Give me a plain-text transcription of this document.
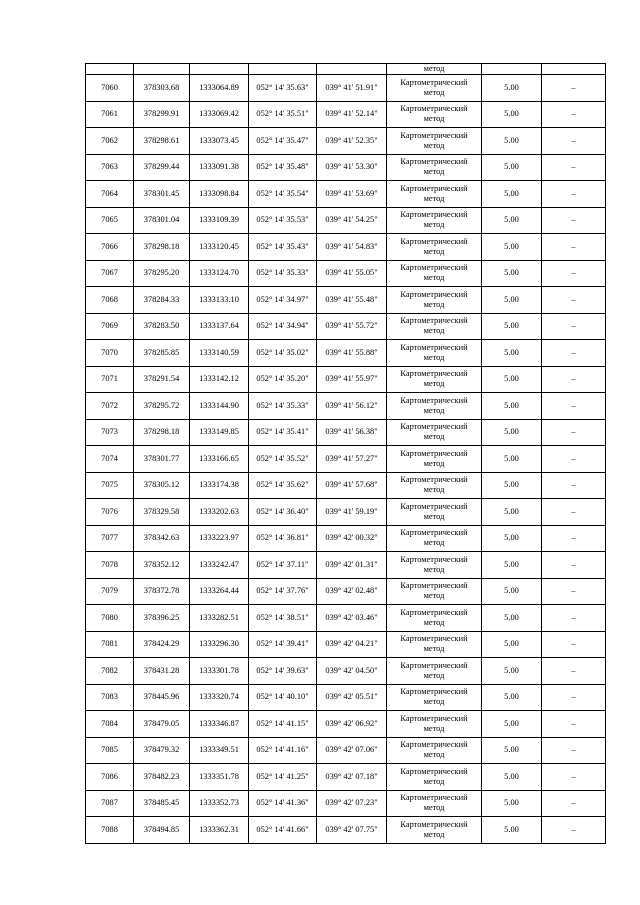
					метод		
7060	378303.68	1333064.89	052° 14' 35.63"	039° 41' 51.91"	Картометрический
метод	5.00	–
7061	378299.91	1333069.42	052° 14' 35.51"	039° 41' 52.14"	Картометрический
метод	5.00	–
7062	378298.61	1333073.45	052° 14' 35.47"	039° 41' 52.35"	Картометрический
метод	5.00	–
7063	378299.44	1333091.38	052° 14' 35.48"	039° 41' 53.30"	Картометрический
метод	5.00	–
7064	378301.45	1333098.84	052° 14' 35.54"	039° 41' 53.69"	Картометрический
метод	5.00	–
7065	378301.04	1333109.39	052° 14' 35.53"	039° 41' 54.25"	Картометрический
метод	5.00	–
7066	378298.18	1333120.45	052° 14' 35.43"	039° 41' 54.83"	Картометрический
метод	5.00	–
7067	378295.20	1333124.70	052° 14' 35.33"	039° 41' 55.05"	Картометрический
метод	5.00	–
7068	378284.33	1333133.10	052° 14' 34.97"	039° 41' 55.48"	Картометрический
метод	5.00	–
7069	378283.50	1333137.64	052° 14' 34.94"	039° 41' 55.72"	Картометрический
метод	5.00	–
7070	378285.85	1333140.59	052° 14' 35.02"	039° 41' 55.88"	Картометрический
метод	5.00	–
7071	378291.54	1333142.12	052° 14' 35.20"	039° 41' 55.97"	Картометрический
метод	5.00	–
7072	378295.72	1333144.90	052° 14' 35.33"	039° 41' 56.12"	Картометрический
метод	5.00	–
7073	378298.18	1333149.85	052° 14' 35.41"	039° 41' 56.38"	Картометрический
метод	5.00	–
7074	378301.77	1333166.65	052° 14' 35.52"	039° 41' 57.27"	Картометрический
метод	5.00	–
7075	378305.12	1333174.38	052° 14' 35.62"	039° 41' 57.68"	Картометрический
метод	5.00	–
7076	378329.58	1333202.63	052° 14' 36.40"	039° 41' 59.19"	Картометрический
метод	5.00	–
7077	378342.63	1333223.97	052° 14' 36.81"	039° 42' 00.32"	Картометрический
метод	5.00	–
7078	378352.12	1333242.47	052° 14' 37.11"	039° 42' 01.31"	Картометрический
метод	5.00	–
7079	378372.78	1333264.44	052° 14' 37.76"	039° 42' 02.48"	Картометрический
метод	5.00	–
7080	378396.25	1333282.51	052° 14' 38.51"	039° 42' 03.46"	Картометрический
метод	5.00	–
7081	378424.29	1333296.30	052° 14' 39.41"	039° 42' 04.21"	Картометрический
метод	5.00	–
7082	378431.28	1333301.78	052° 14' 39.63"	039° 42' 04.50"	Картометрический
метод	5.00	–
7083	378445.96	1333320.74	052° 14' 40.10"	039° 42' 05.51"	Картометрический
метод	5.00	–
7084	378479.05	1333346.87	052° 14' 41.15"	039° 42' 06.92"	Картометрический
метод	5.00	–
7085	378479.32	1333349.51	052° 14' 41.16"	039° 42' 07.06"	Картометрический
метод	5.00	–
7086	378482.23	1333351.78	052° 14' 41.25"	039° 42' 07.18"	Картометрический
метод	5.00	–
7087	378485.45	1333352.73	052° 14' 41.36"	039° 42' 07.23"	Картометрический
метод	5.00	–
7088	378494.85	1333362.31	052° 14' 41.66"	039° 42' 07.75"	Картометрический
метод	5.00	–
